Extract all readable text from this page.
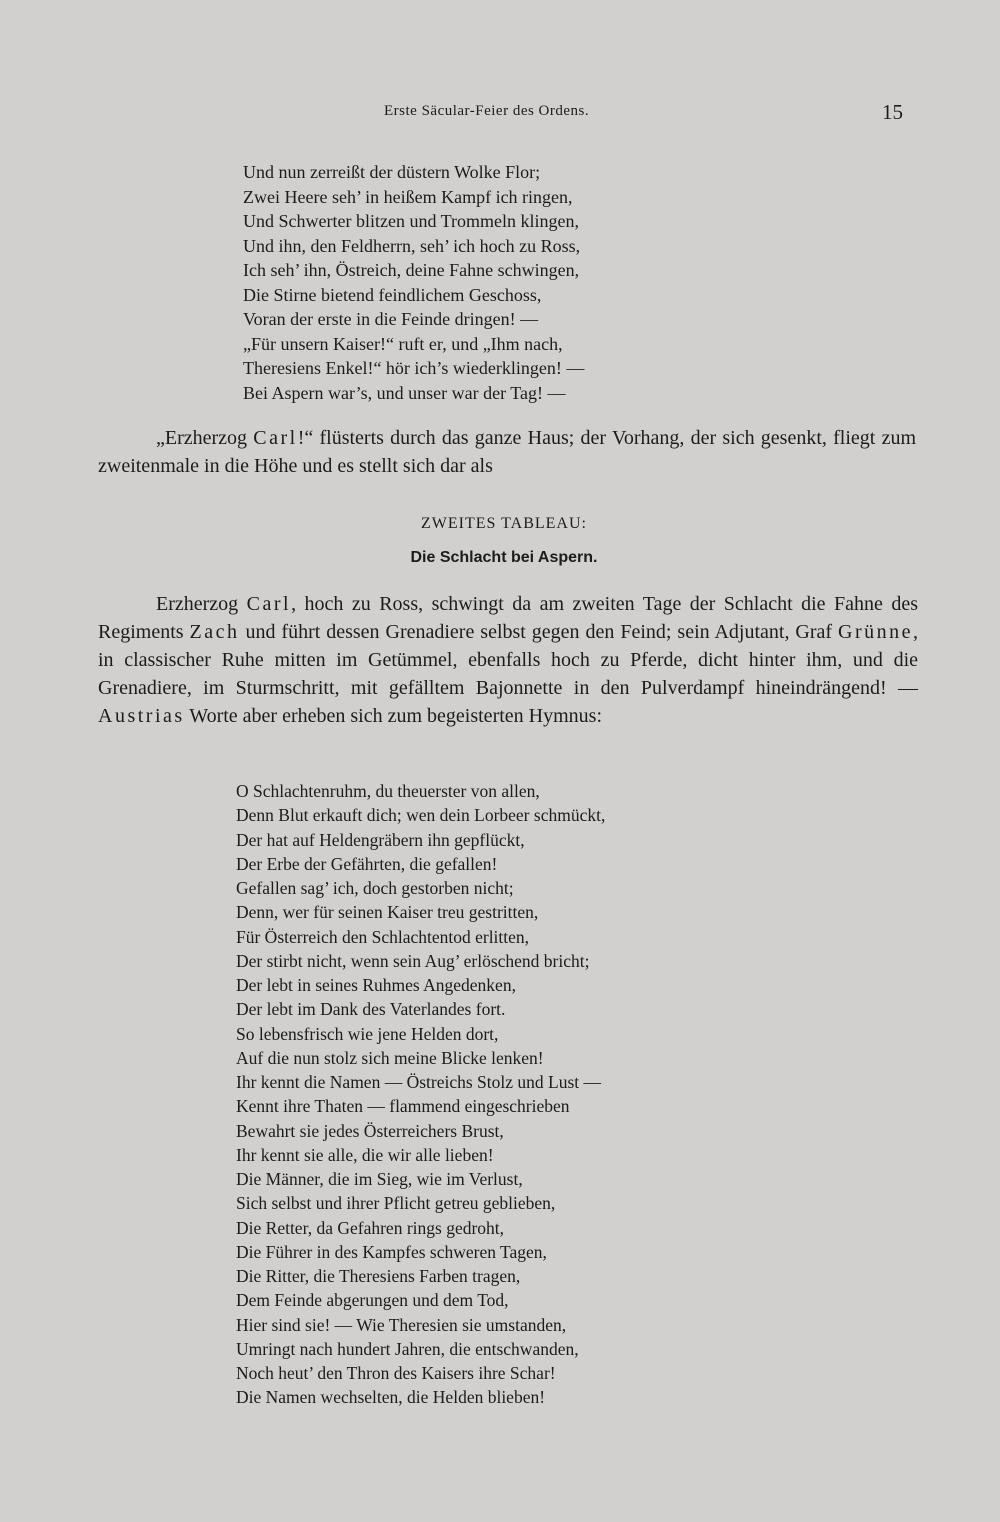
Erste Säcular-Feier des Ordens.	15
Und nun zerreißt der düstern Wolke Flor;
Zwei Heere seh’ in heißem Kampf ich ringen,
Und Schwerter blitzen und Trommeln klingen,
Und ihn, den Feldherrn, seh’ ich hoch zu Ross,
Ich seh’ ihn, Östreich, deine Fahne schwingen,
Die Stirne bietend feindlichem Geschoss,
Voran der erste in die Feinde dringen! —
„Für unsern Kaiser!“ ruft er, und „Ihm nach,
Theresiens Enkel!“ hör ich’s wiederklingen! —
Bei Aspern war’s, und unser war der Tag! —

„Erzherzog Carl!“ flüsterts durch das ganze Haus; der Vorhang, der sich gesenkt, fliegt zum zweitenmale in die Höhe und es stellt sich dar als

ZWEITES TABLEAU:
Die Schlacht bei Aspern.

Erzherzog Carl, hoch zu Ross, schwingt da am zweiten Tage der Schlacht die Fahne des Regiments Zach und führt dessen Grenadiere selbst gegen den Feind; sein Adjutant, Graf Grünne, in classischer Ruhe mitten im Getümmel, ebenfalls hoch zu Pferde, dicht hinter ihm, und die Grenadiere, im Sturmschritt, mit gefälltem Bajonnette in den Pulverdampf hineindrängend! — Austrias Worte aber erheben sich zum begeisterten Hymnus:

O Schlachtenruhm, du theuerster von allen,
Denn Blut erkauft dich; wen dein Lorbeer schmückt,
Der hat auf Heldengräbern ihn gepflückt,
Der Erbe der Gefährten, die gefallen!
Gefallen sag’ ich, doch gestorben nicht;
Denn, wer für seinen Kaiser treu gestritten,
Für Österreich den Schlachtentod erlitten,
Der stirbt nicht, wenn sein Aug’ erlöschend bricht;
Der lebt in seines Ruhmes Angedenken,
Der lebt im Dank des Vaterlandes fort.
So lebensfrisch wie jene Helden dort,
Auf die nun stolz sich meine Blicke lenken!
Ihr kennt die Namen — Östreichs Stolz und Lust —
Kennt ihre Thaten — flammend eingeschrieben
Bewahrt sie jedes Österreichers Brust,
Ihr kennt sie alle, die wir alle lieben!
Die Männer, die im Sieg, wie im Verlust,
Sich selbst und ihrer Pflicht getreu geblieben,
Die Retter, da Gefahren rings gedroht,
Die Führer in des Kampfes schweren Tagen,
Die Ritter, die Theresiens Farben tragen,
Dem Feinde abgerungen und dem Tod,
Hier sind sie! — Wie Theresien sie umstanden,
Umringt nach hundert Jahren, die entschwanden,
Noch heut’ den Thron des Kaisers ihre Schar!
Die Namen wechselten, die Helden blieben!
